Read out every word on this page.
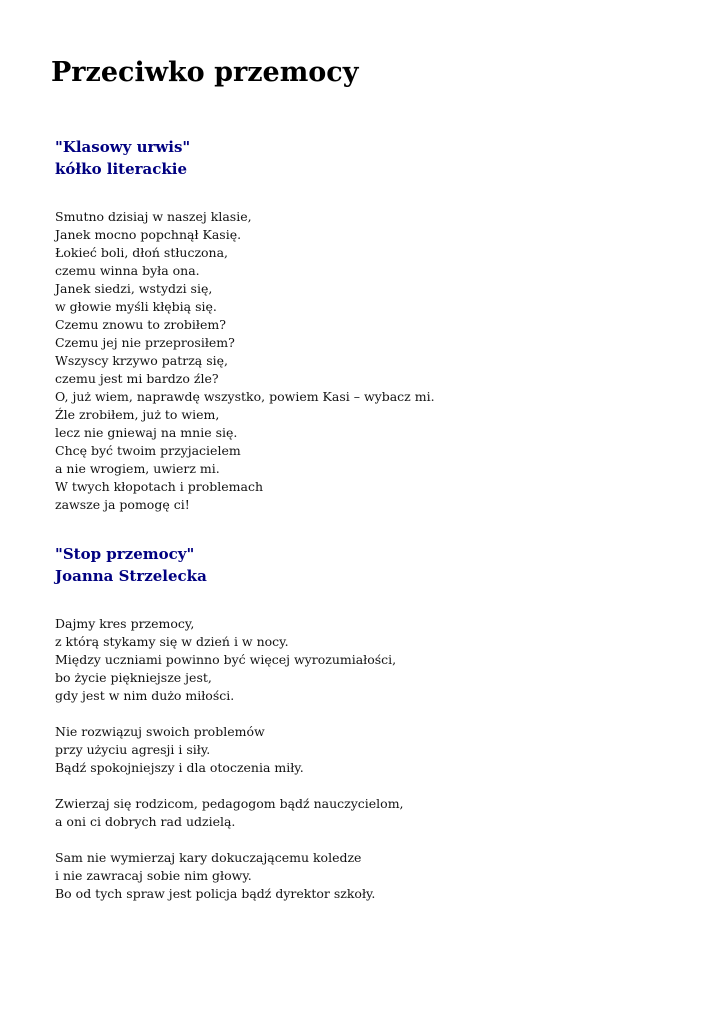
Przeciwko przemocy
"Klasowy urwis"
kółko literackie
Smutno dzisiaj w naszej klasie,
Janek mocno popchnął Kasię.
Łokieć boli, dłoń stłuczona,
czemu winna była ona.
Janek siedzi, wstydzi się,
w głowie myśli kłębią się.
Czemu znowu to zrobiłem?
Czemu jej nie przeprosiłem?
Wszyscy krzywo patrzą się,
czemu jest mi bardzo źle?
O, już wiem, naprawdę wszystko, powiem Kasi – wybacz mi.
Źle zrobiłem, już to wiem,
lecz nie gniewaj na mnie się.
Chcę być twoim przyjacielem
a nie wrogiem, uwierz mi.
W twych kłopotach i problemach
zawsze ja pomogę ci!
"Stop przemocy"
Joanna Strzelecka
Dajmy kres przemocy,
z którą stykamy się w dzień i w nocy.
Między uczniami powinno być więcej wyrozumiałości,
bo życie piękniejsze jest,
gdy jest w nim dużo miłości.
Nie rozwiązuj swoich problemów
przy użyciu agresji i siły.
Bądź spokojniejszy i dla otoczenia miły.
Zwierzaj się rodzicom, pedagogom bądź nauczycielom,
a oni ci dobrych rad udzielą.
Sam nie wymierzaj kary dokuczającemu koledze
i nie zawracaj sobie nim głowy.
Bo od tych spraw jest policja bądź dyrektor szkoły.
